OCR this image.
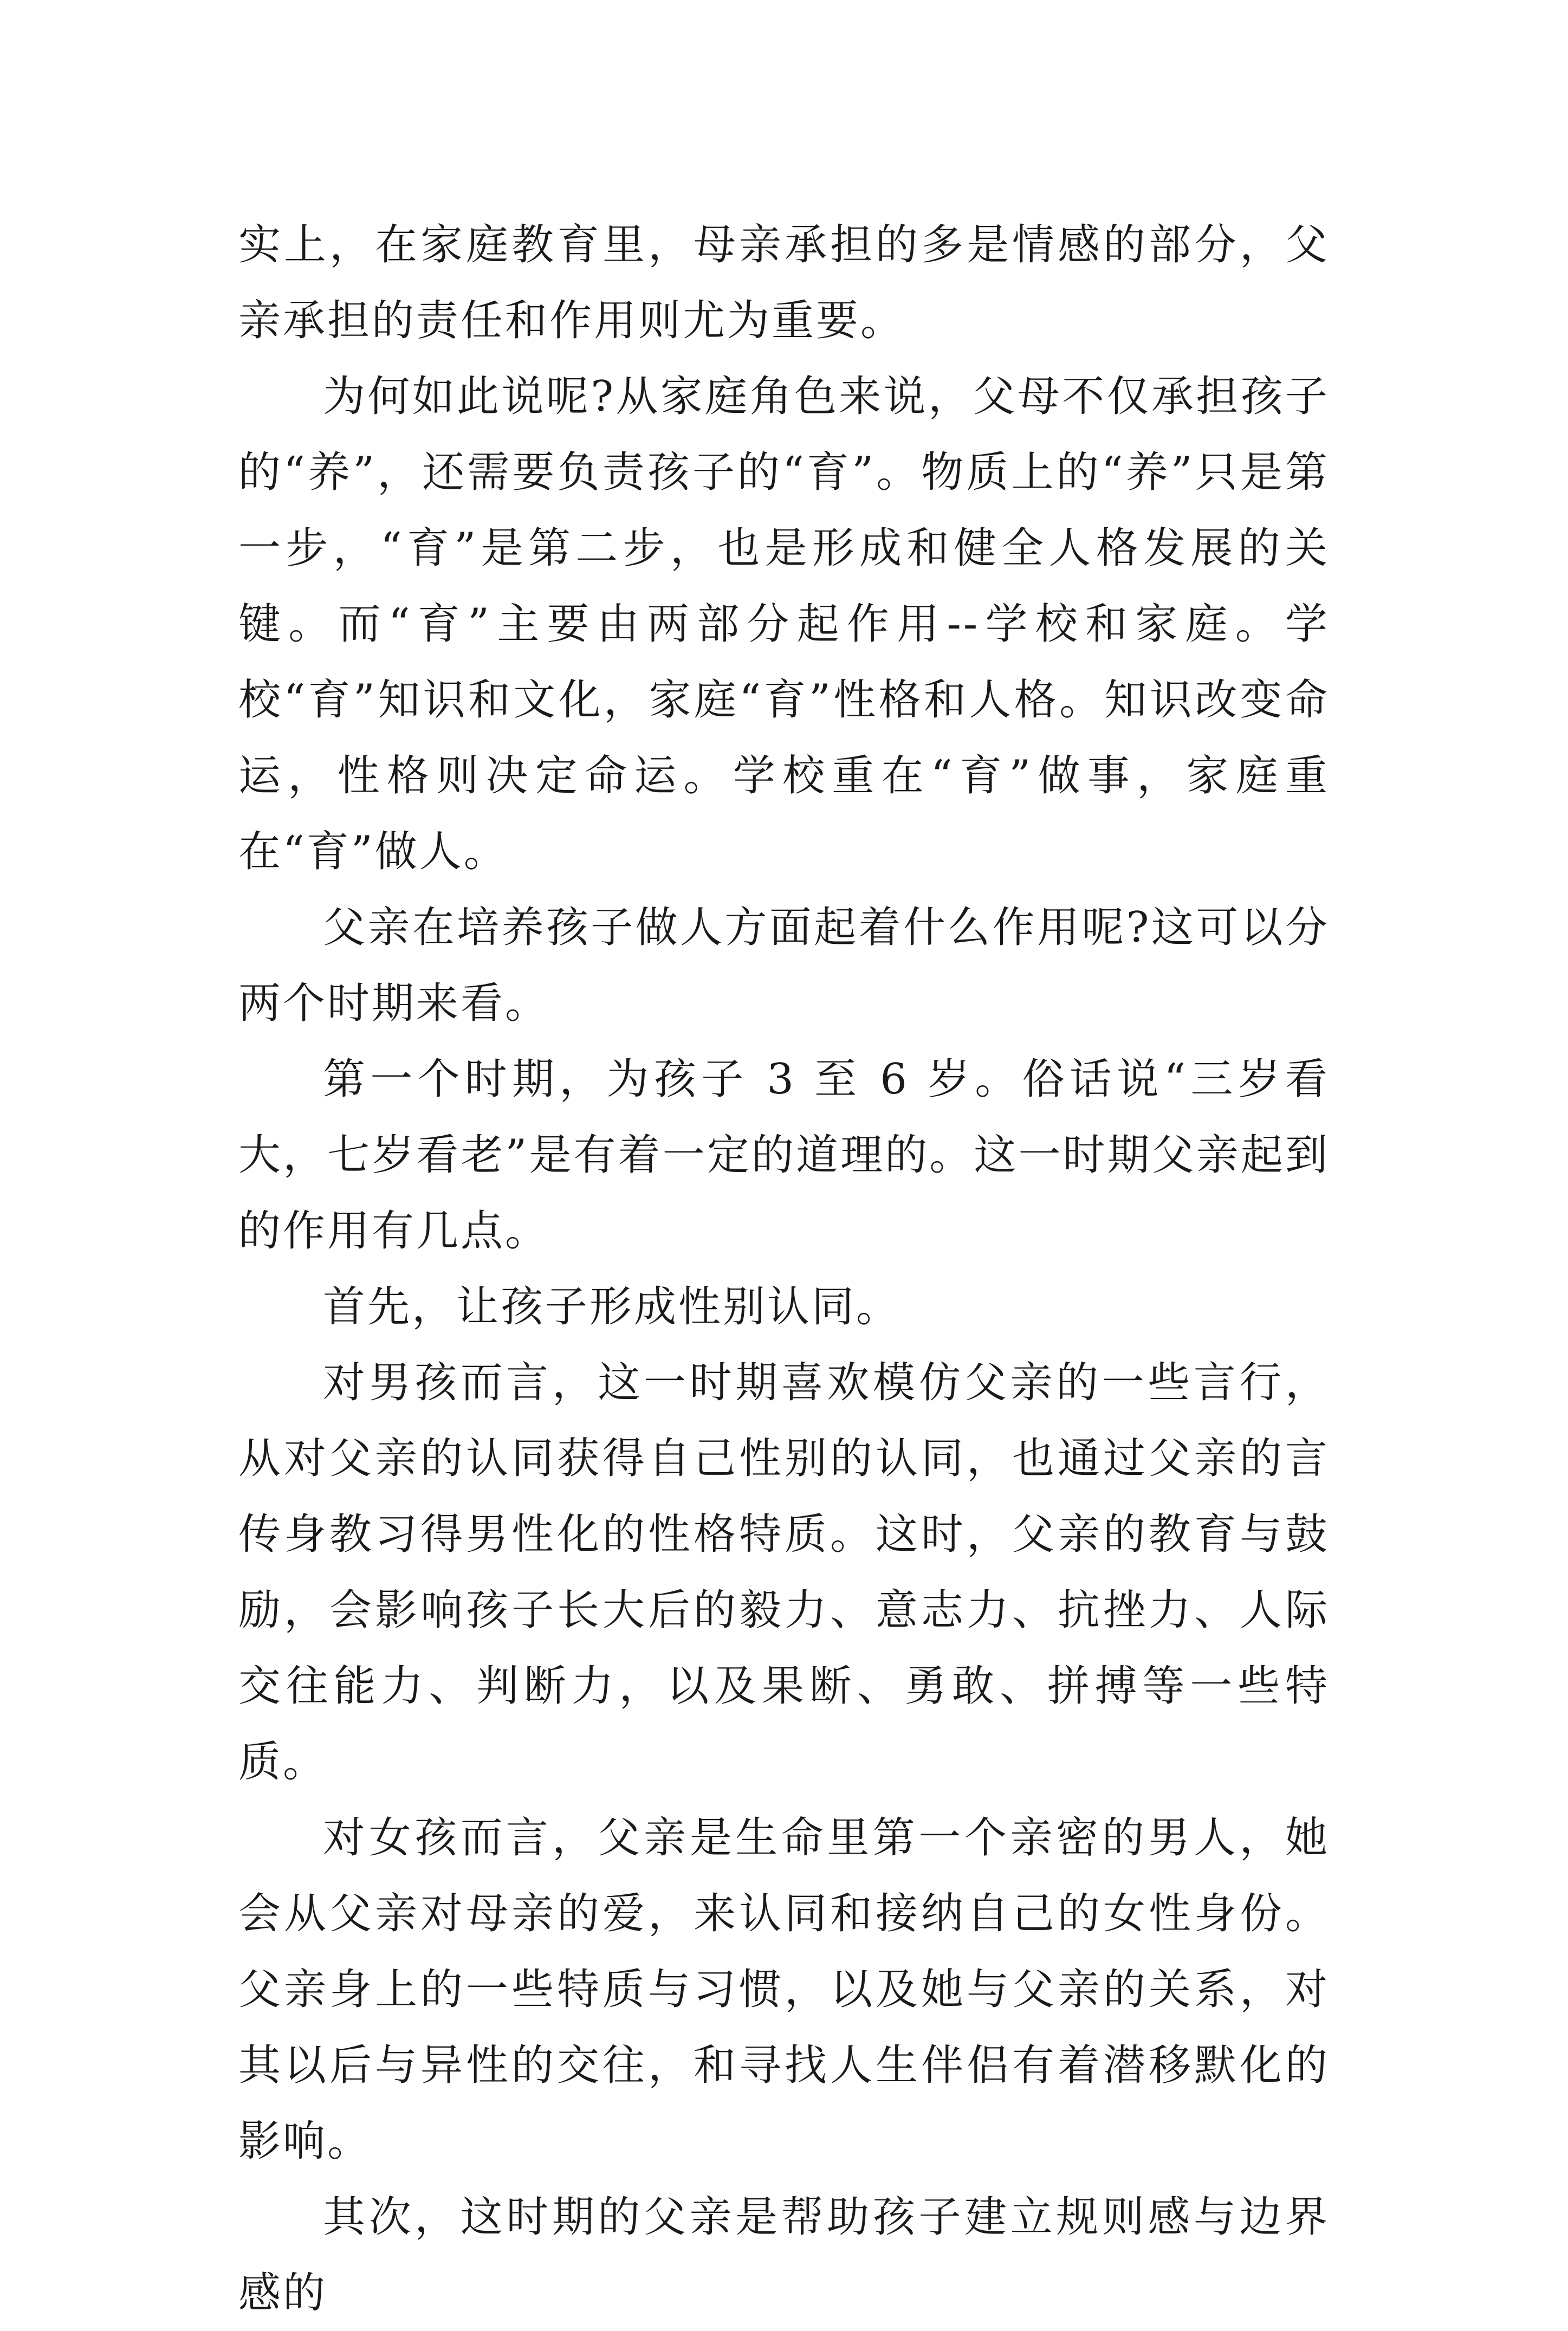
实上，在家庭教育里，母亲承担的多是情感的部分，父亲承担的责任和作用则尤为重要。

为何如此说呢?从家庭角色来说，父母不仅承担孩子的“养”，还需要负责孩子的“育”。物质上的“养”只是第一步，“育”是第二步，也是形成和健全人格发展的关键。而“育”主要由两部分起作用--学校和家庭。学校“育”知识和文化，家庭“育”性格和人格。知识改变命运，性格则决定命运。学校重在“育”做事，家庭重在“育”做人。

父亲在培养孩子做人方面起着什么作用呢?这可以分两个时期来看。

第一个时期，为孩子 3 至 6 岁。俗话说“三岁看大，七岁看老”是有着一定的道理的。这一时期父亲起到的作用有几点。

首先，让孩子形成性别认同。

对男孩而言，这一时期喜欢模仿父亲的一些言行，从对父亲的认同获得自己性别的认同，也通过父亲的言传身教习得男性化的性格特质。这时，父亲的教育与鼓励，会影响孩子长大后的毅力、意志力、抗挫力、人际交往能力、判断力，以及果断、勇敢、拼搏等一些特质。

对女孩而言，父亲是生命里第一个亲密的男人，她会从父亲对母亲的爱，来认同和接纳自己的女性身份。父亲身上的一些特质与习惯，以及她与父亲的关系，对其以后与异性的交往，和寻找人生伴侣有着潜移默化的影响。

其次，这时期的父亲是帮助孩子建立规则感与边界感的
